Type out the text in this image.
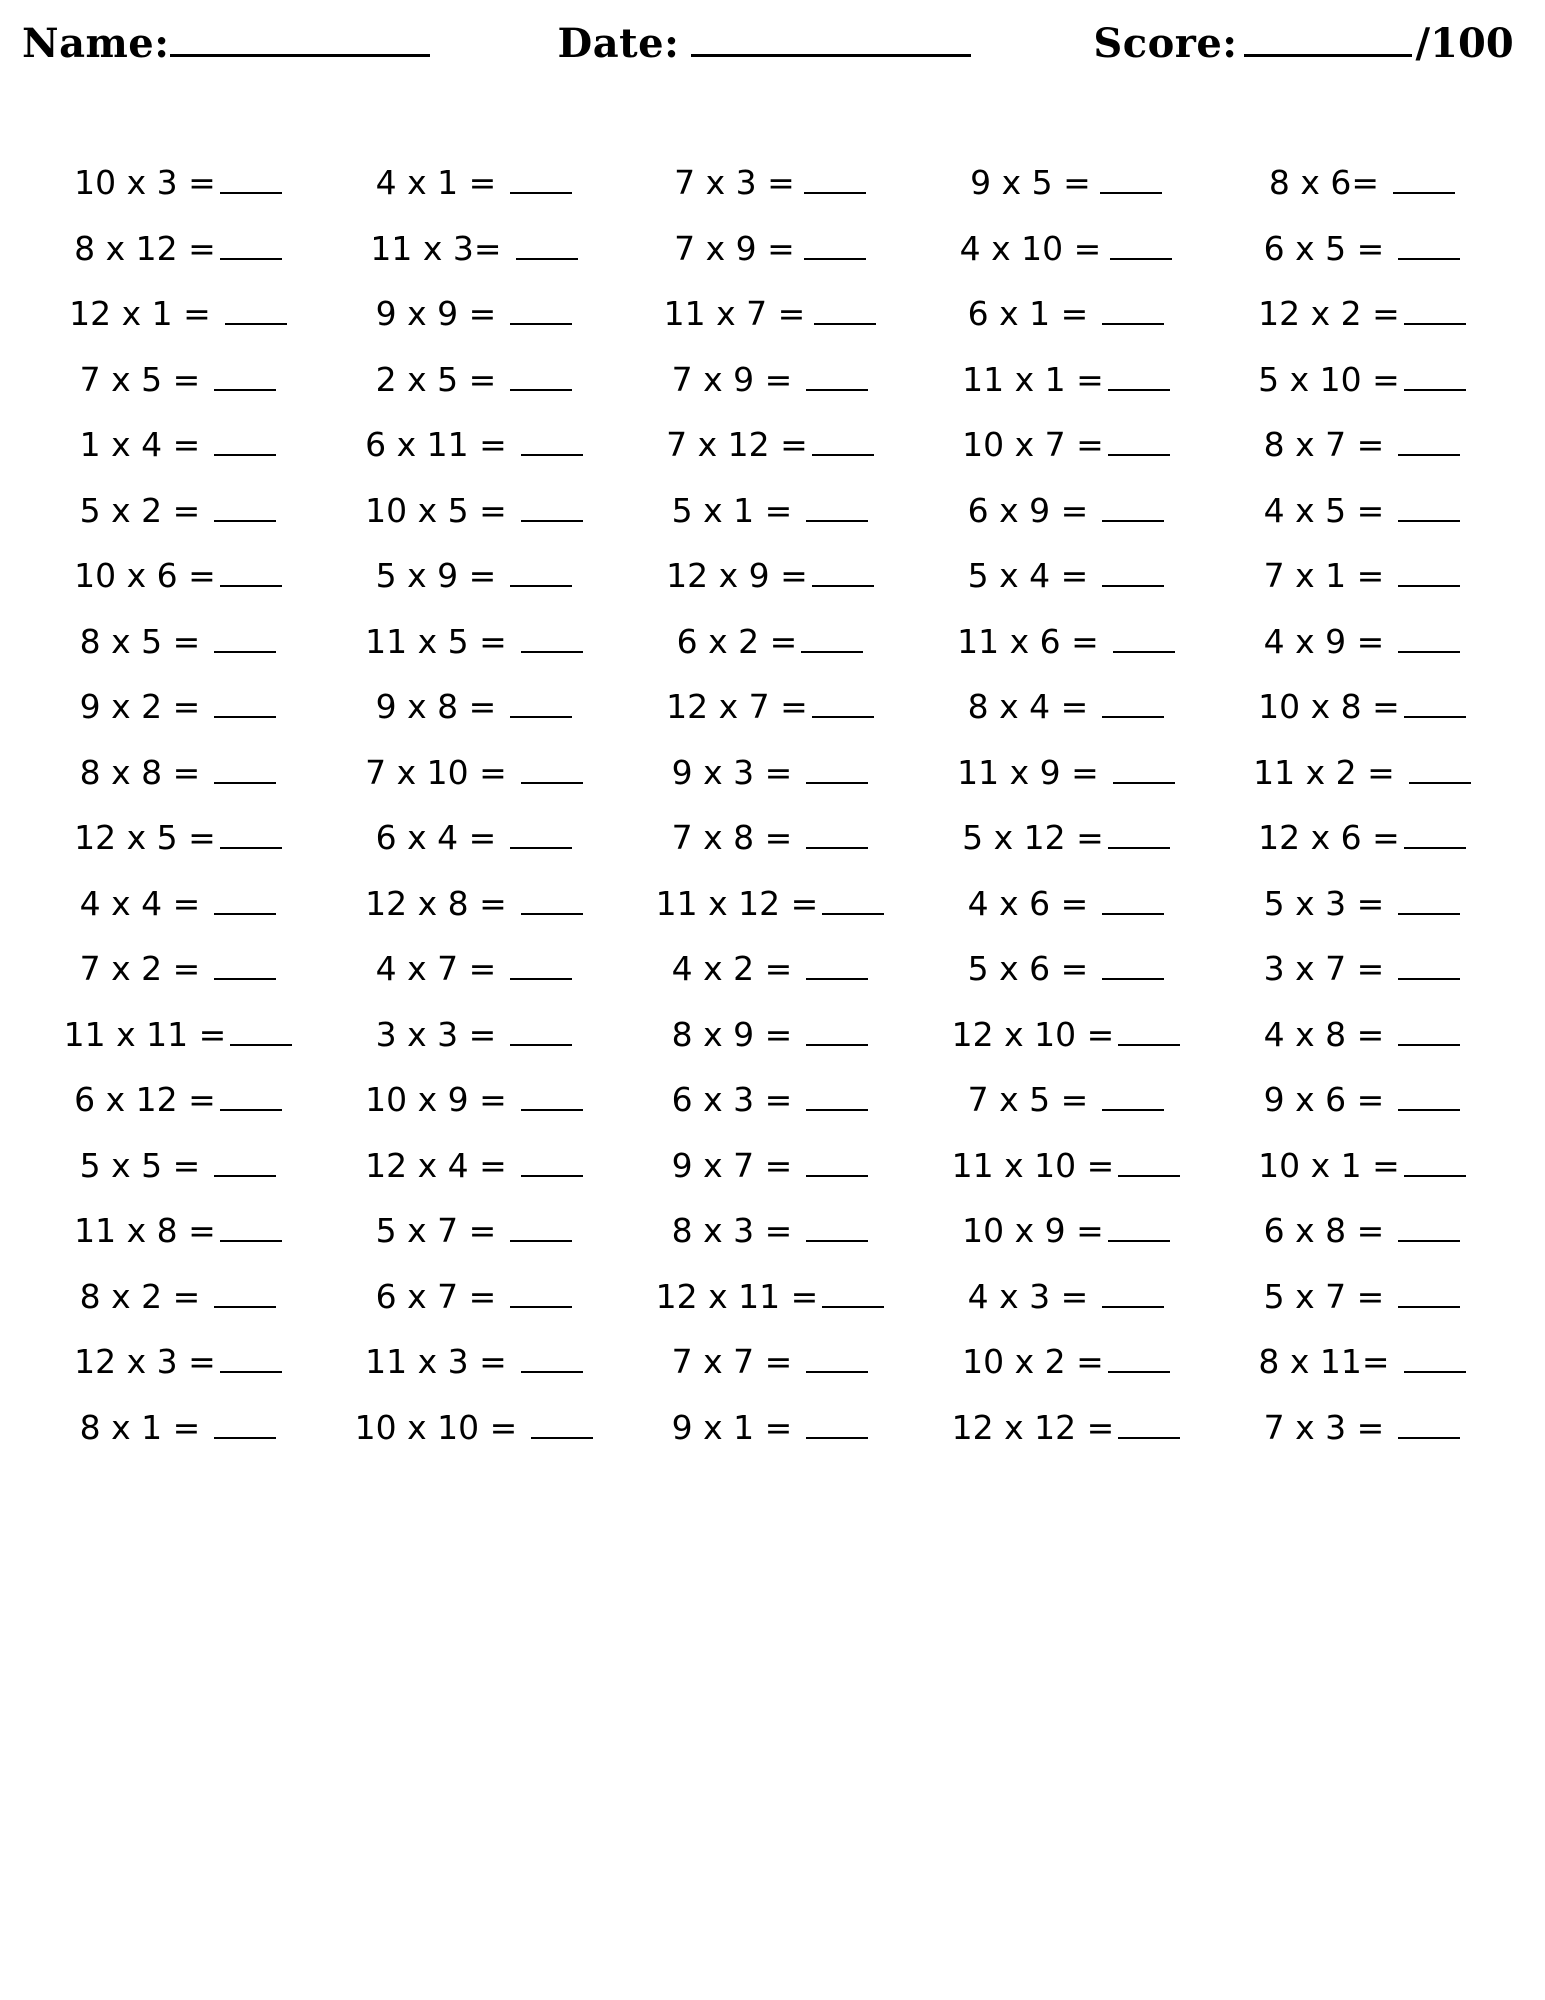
Name:	Date:	Score:	/100
10 x 3 =	4 x 1 =	7 x 3 =	9 x 5 =	8 x 6=
8 x 12 =	11 x 3=	7 x 9 =	4 x 10 =	6 x 5 =
12 x 1 =	9 x 9 =	11 x 7 =	6 x 1 =	12 x 2 =
7 x 5 =	2 x 5 =	7 x 9 =	11 x 1 =	5 x 10 =
1 x 4 =	6 x 11 =	7 x 12 =	10 x 7 =	8 x 7 =
5 x 2 =	10 x 5 =	5 x 1 =	6 x 9 =	4 x 5 =
10 x 6 =	5 x 9 =	12 x 9 =	5 x 4 =	7 x 1 =
8 x 5 =	11 x 5 =	6 x 2 =	11 x 6 =	4 x 9 =
9 x 2 =	9 x 8 =	12 x 7 =	8 x 4 =	10 x 8 =
8 x 8 =	7 x 10 =	9 x 3 =	11 x 9 =	11 x 2 =
12 x 5 =	6 x 4 =	7 x 8 =	5 x 12 =	12 x 6 =
4 x 4 =	12 x 8 =	11 x 12 =	4 x 6 =	5 x 3 =
7 x 2 =	4 x 7 =	4 x 2 =	5 x 6 =	3 x 7 =
11 x 11 =	3 x 3 =	8 x 9 =	12 x 10 =	4 x 8 =
6 x 12 =	10 x 9 =	6 x 3 =	7 x 5 =	9 x 6 =
5 x 5 =	12 x 4 =	9 x 7 =	11 x 10 =	10 x 1 =
11 x 8 =	5 x 7 =	8 x 3 =	10 x 9 =	6 x 8 =
8 x 2 =	6 x 7 =	12 x 11 =	4 x 3 =	5 x 7 =
12 x 3 =	11 x 3 =	7 x 7 =	10 x 2 =	8 x 11=
8 x 1 =	10 x 10 =	9 x 1 =	12 x 12 =	7 x 3 =
